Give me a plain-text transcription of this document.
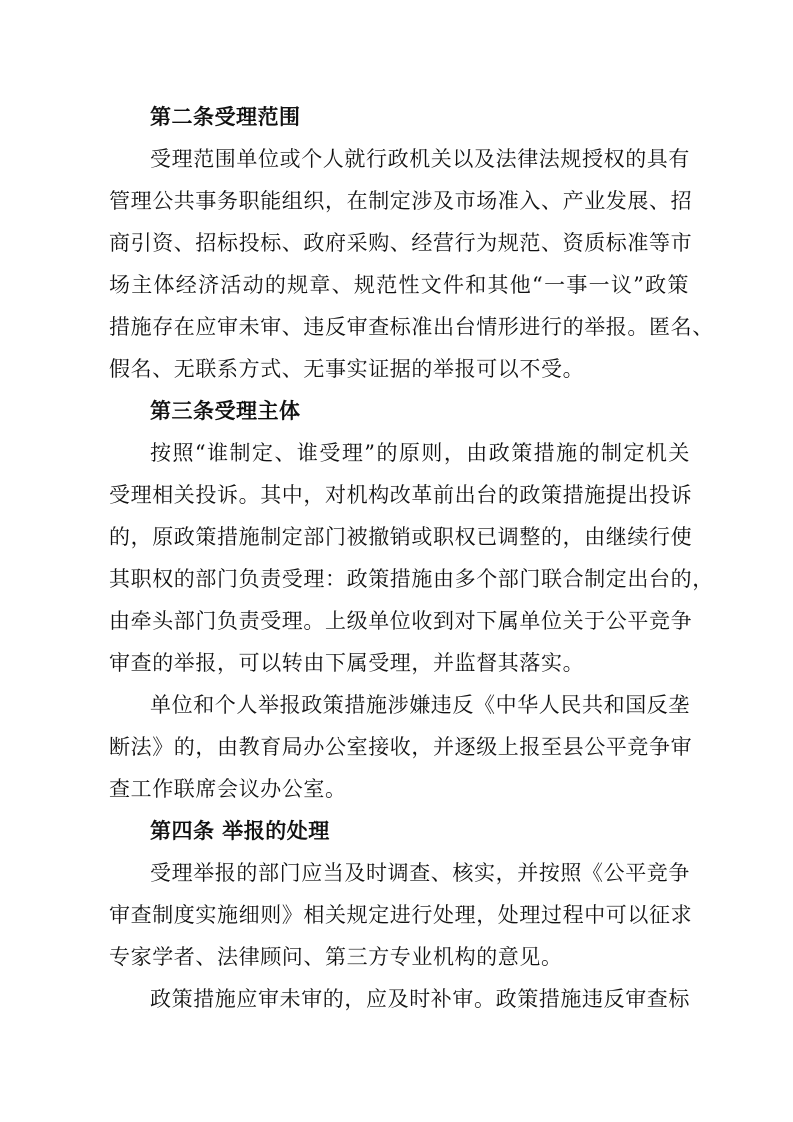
第二条受理范围
受理范围单位或个人就行政机关以及法律法规授权的具有
管理公共事务职能组织，在制定涉及市场准入、产业发展、招
商引资、招标投标、政府采购、经营行为规范、资质标准等市
场主体经济活动的规章、规范性文件和其他“一事一议”政策
措施存在应审未审、违反审查标准出台情形进行的举报。匿名、
假名、无联系方式、无事实证据的举报可以不受。
第三条受理主体
按照“谁制定、谁受理”的原则，由政策措施的制定机关
受理相关投诉。其中，对机构改革前出台的政策措施提出投诉
的，原政策措施制定部门被撤销或职权已调整的，由继续行使
其职权的部门负责受理：政策措施由多个部门联合制定出台的，
由牵头部门负责受理。上级单位收到对下属单位关于公平竞争
审查的举报，可以转由下属受理，并监督其落实。
单位和个人举报政策措施涉嫌违反《中华人民共和国反垄
断法》的，由教育局办公室接收，并逐级上报至县公平竞争审
查工作联席会议办公室。
第四条 举报的处理
受理举报的部门应当及时调查、核实，并按照《公平竞争
审查制度实施细则》相关规定进行处理，处理过程中可以征求
专家学者、法律顾问、第三方专业机构的意见。
政策措施应审未审的，应及时补审。政策措施违反审查标
